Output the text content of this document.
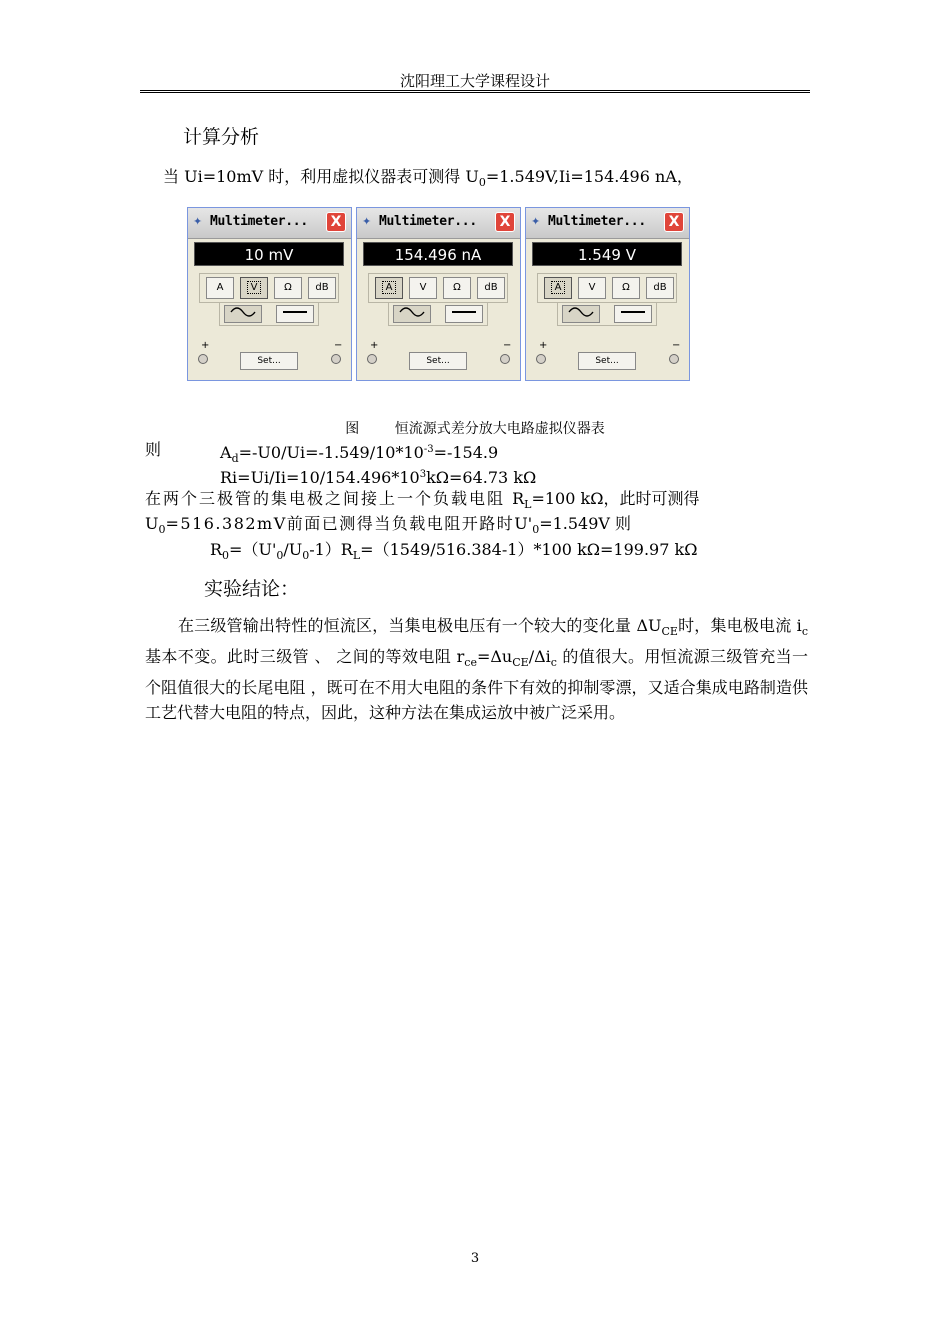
沈阳理工大学课程设计
计算分析
当 Ui=10mV 时，利用虚拟仪器表可测得 $U_0=1.549V,Ii=154.496$ nA，
✦ Multimeter...	X
10 mV
A	V	Ω	dB
+	−
Set...
✦ Multimeter...	X
154.496 nA
A	V	Ω	dB
+	−
Set...
✦ Multimeter...	X
1.549 V
A	V	Ω	dB
+	−
Set...
图	恒流源式差分放大电路虚拟仪器表
则	$A_d=-U0/Ui=-1.549/10*10^{-3}=-154.9$
$Ri=Ui/Ii=10/154.496*10^3k\Omega=64.73$ kΩ
在两个三极管的集电极之间接上一个负载电阻 $R_L=100$ kΩ，此时可测得
$U_0=516.382mV$前面已测得当负载电阻开路时$U'_0=1.549V$ 则
$R_0=(U'_0/U_0-1)R_L=(1549/516.384-1)*100$ kΩ=199.97 kΩ
实验结论：
在三级管输出特性的恒流区，当集电极电压有一个较大的变化量 $\Delta U_{CE}$时，集电极电流 $i_c$ 基本不变。此时三级管 、 之间的等效电阻 $r_{ce}=\Delta u_{CE}/\Delta i_c$ 的值很大。用恒流源三级管充当一个阻值很大的长尾电阻 ，既可在不用大电阻的条件下有效的抑制零漂，又适合集成电路制造供工艺代替大电阻的特点，因此，这种方法在集成运放中被广泛采用。
3
